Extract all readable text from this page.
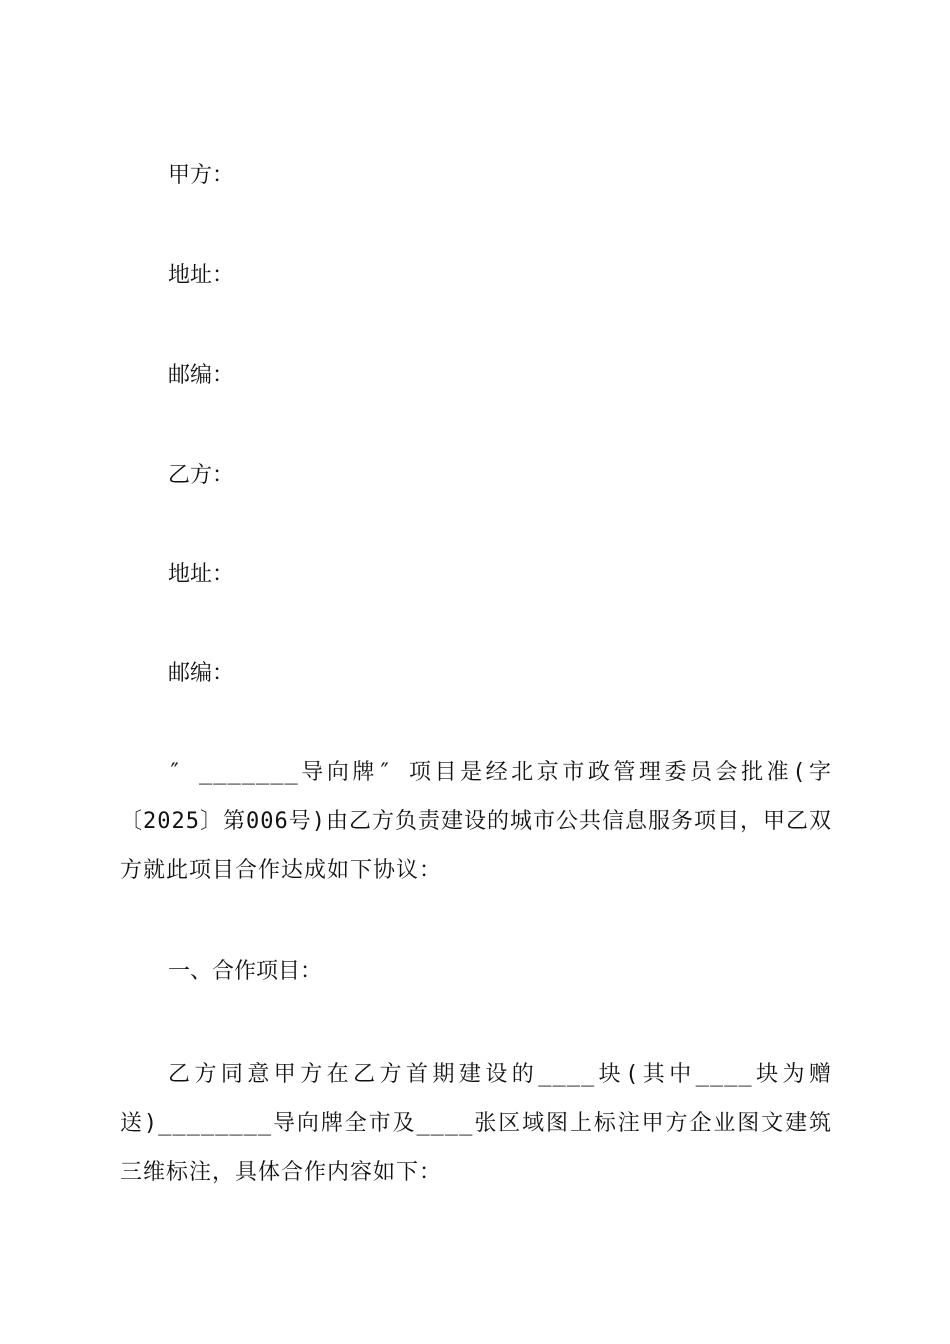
甲方：
地址：
邮编：
乙方：
地址：
邮编：
″ _______导向牌″ 项目是经北京市政管理委员会批准(字〔2025〕第006号)由乙方负责建设的城市公共信息服务项目，甲乙双方就此项目合作达成如下协议：
一、合作项目：
乙方同意甲方在乙方首期建设的____块(其中____块为赠送)________导向牌全市及____张区域图上标注甲方企业图文建筑三维标注，具体合作内容如下：
